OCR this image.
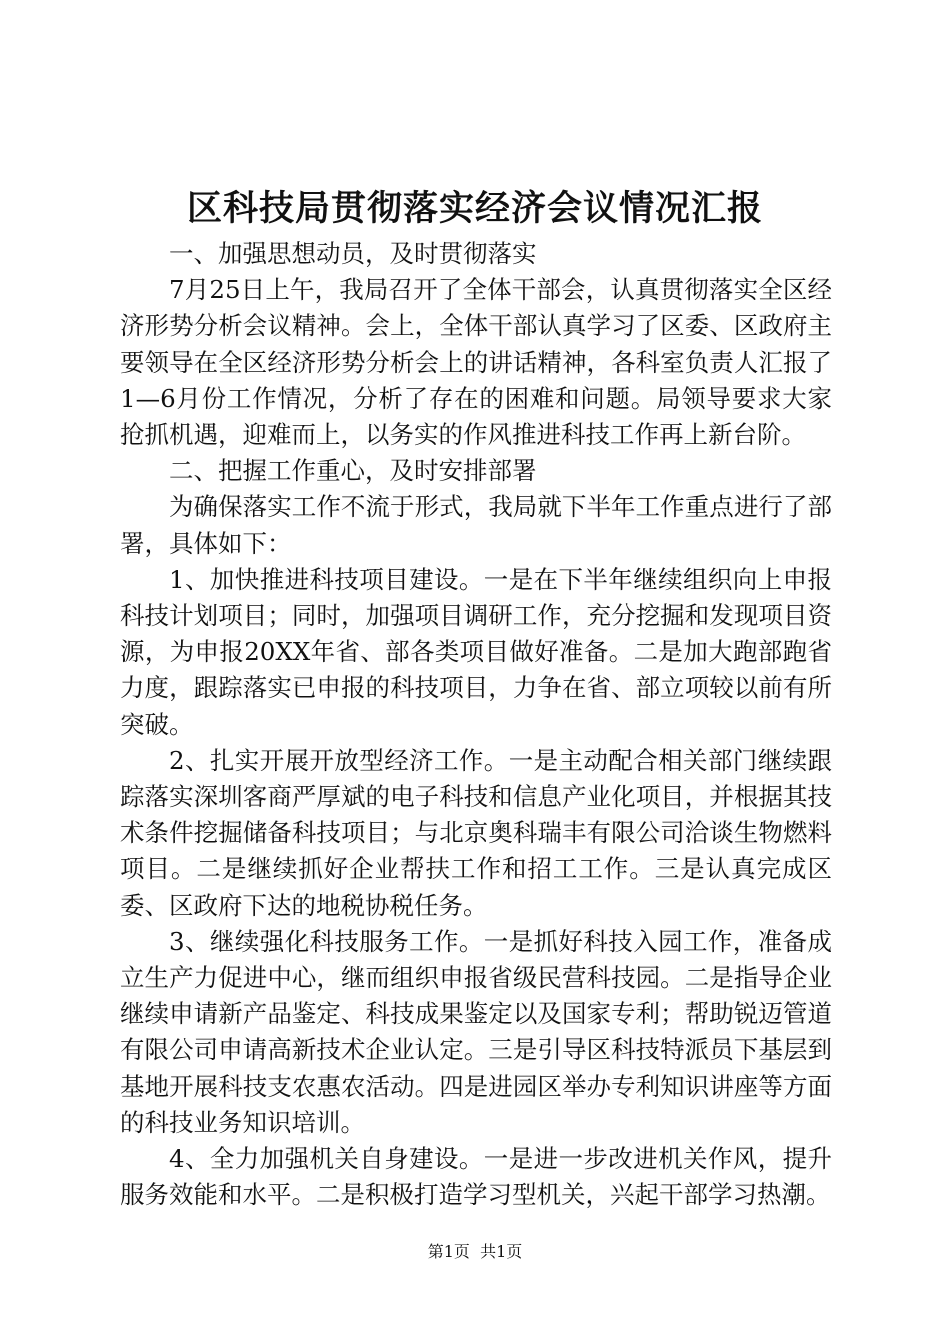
区科技局贯彻落实经济会议情况汇报

一、加强思想动员，及时贯彻落实

7月25日上午，我局召开了全体干部会，认真贯彻落实全区经济形势分析会议精神。会上，全体干部认真学习了区委、区政府主要领导在全区经济形势分析会上的讲话精神，各科室负责人汇报了1—6月份工作情况，分析了存在的困难和问题。局领导要求大家抢抓机遇，迎难而上，以务实的作风推进科技工作再上新台阶。

二、把握工作重心，及时安排部署

为确保落实工作不流于形式，我局就下半年工作重点进行了部署，具体如下：

1、加快推进科技项目建设。一是在下半年继续组织向上申报科技计划项目；同时，加强项目调研工作，充分挖掘和发现项目资源，为申报20XX年省、部各类项目做好准备。二是加大跑部跑省力度，跟踪落实已申报的科技项目，力争在省、部立项较以前有所突破。

2、扎实开展开放型经济工作。一是主动配合相关部门继续跟踪落实深圳客商严厚斌的电子科技和信息产业化项目，并根据其技术条件挖掘储备科技项目；与北京奥科瑞丰有限公司洽谈生物燃料项目。二是继续抓好企业帮扶工作和招工工作。三是认真完成区委、区政府下达的地税协税任务。

3、继续强化科技服务工作。一是抓好科技入园工作，准备成立生产力促进中心，继而组织申报省级民营科技园。二是指导企业继续申请新产品鉴定、科技成果鉴定以及国家专利；帮助锐迈管道有限公司申请高新技术企业认定。三是引导区科技特派员下基层到基地开展科技支农惠农活动。四是进园区举办专利知识讲座等方面的科技业务知识培训。

4、全力加强机关自身建设。一是进一步改进机关作风，提升服务效能和水平。二是积极打造学习型机关，兴起干部学习热潮。

第1页  共1页
